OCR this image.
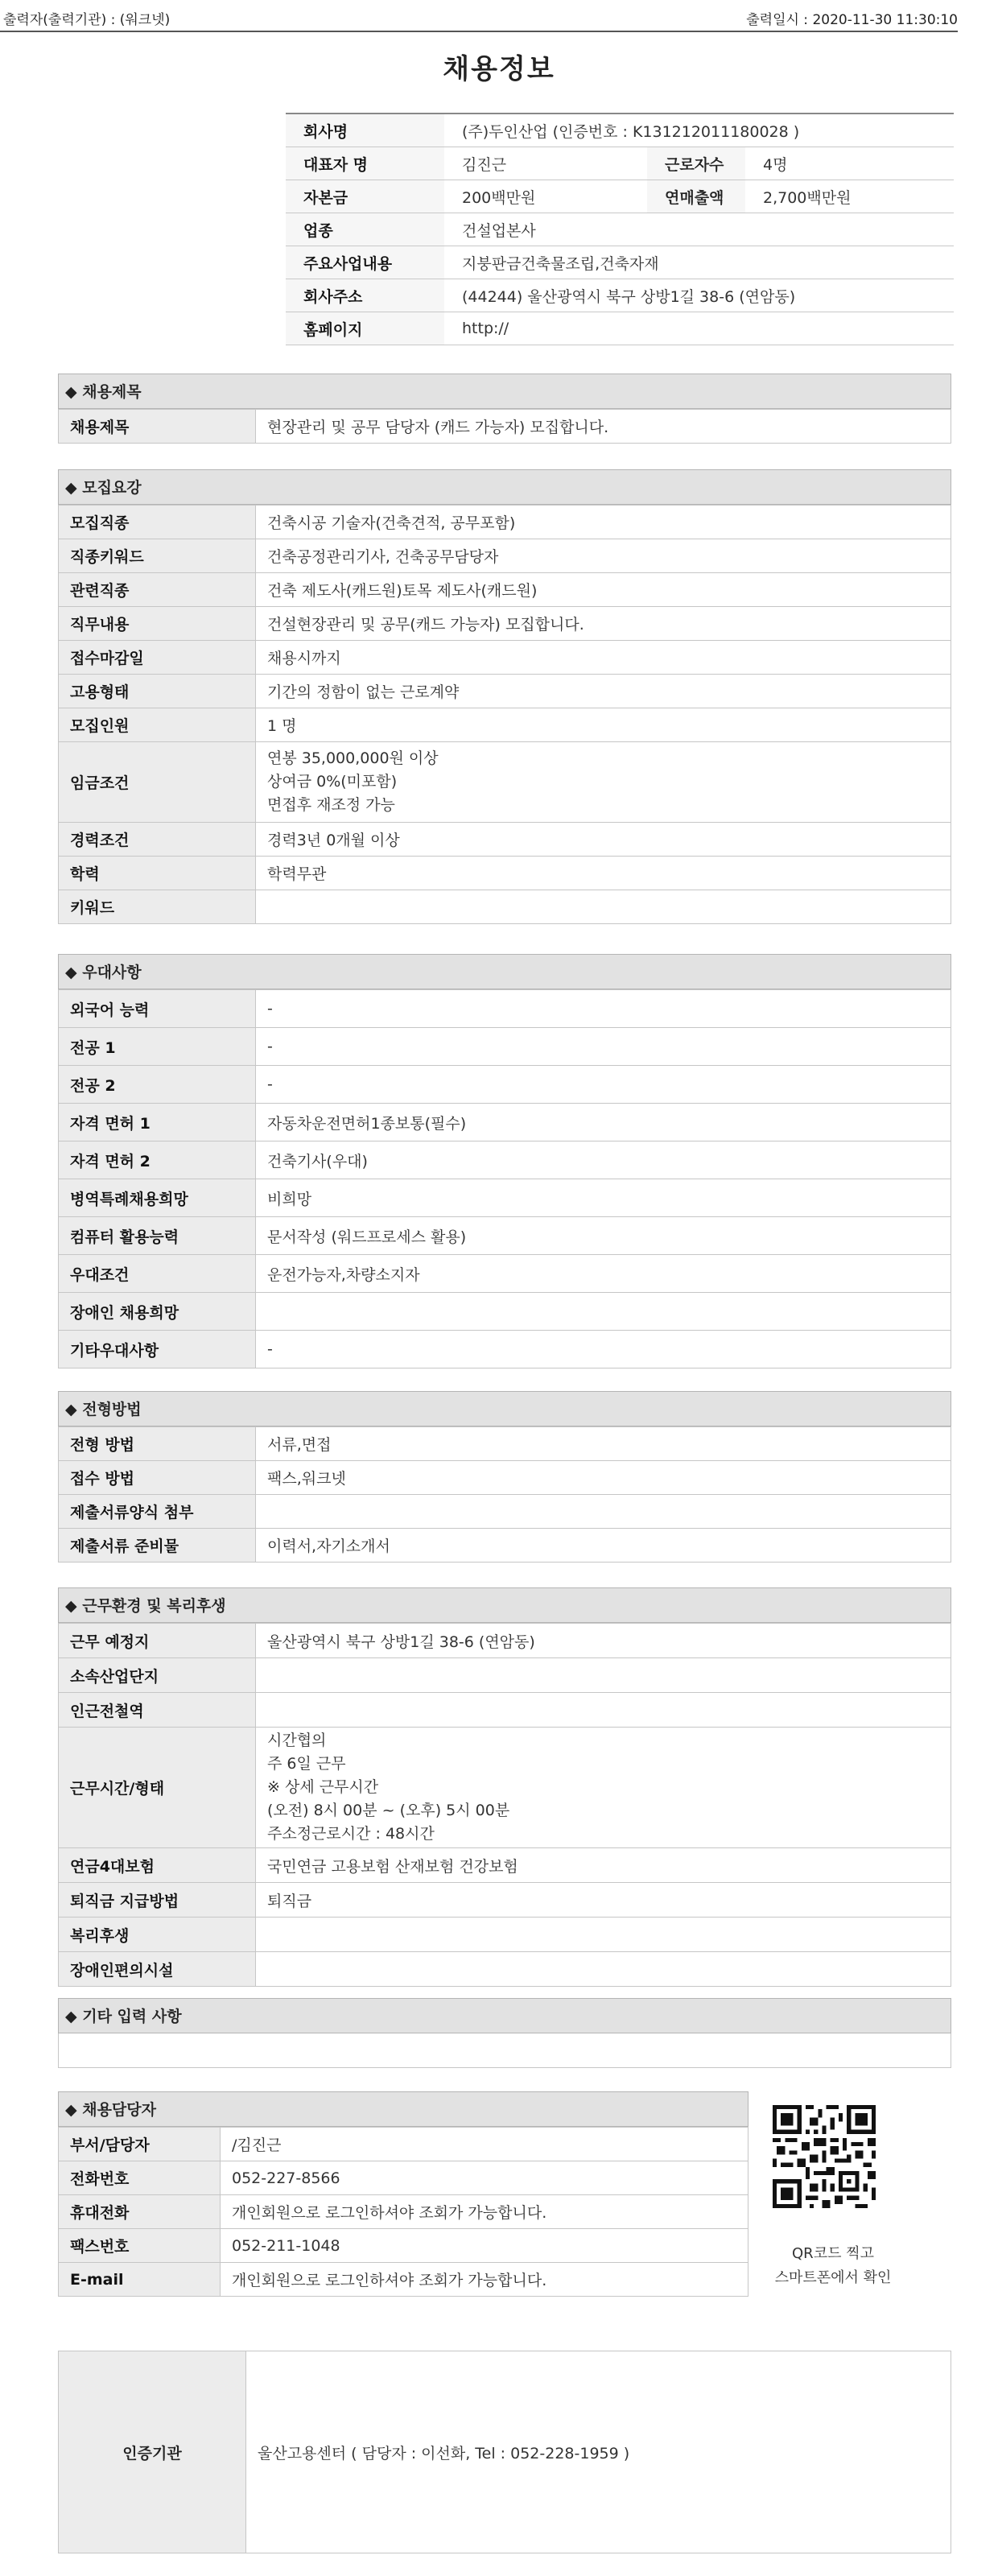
출력자(출력기관) : (워크넷)	출력일시 : 2020-11-30 11:30:10
채용정보
회사명	(주)두인산업 (인증번호 : K131212011180028 )		
대표자 명	김진근	근로자수	4명
자본금	200백만원	연매출액	2,700백만원
업종	건설업본사		
주요사업내용	지붕판금건축물조립,건축자재		
회사주소	(44244) 울산광역시 북구 상방1길 38-6 (연암동)		
홈페이지	http://		
◆ 채용제목
채용제목	현장관리 및 공무 담당자 (캐드 가능자) 모집합니다.
◆ 모집요강
모집직종	건축시공 기술자(건축견적, 공무포함)
직종키워드	건축공정관리기사, 건축공무담당자
관련직종	건축 제도사(캐드원)토목 제도사(캐드원)
직무내용	건설현장관리 및 공무(캐드 가능자) 모집합니다.
접수마감일	채용시까지
고용형태	기간의 정함이 없는 근로계약
모집인원	1 명
임금조건	연봉 35,000,000원 이상
상여금 0%(미포함)
면접후 재조정 가능

경력조건	경력3년 0개월 이상
학력	학력무관
키워드	
◆ 우대사항
외국어 능력	-
전공 1	-
전공 2	-
자격 면허 1	자동차운전면허1종보통(필수)
자격 면허 2	건축기사(우대)
병역특례채용희망	비희망
컴퓨터 활용능력	문서작성 (워드프로세스 활용)
우대조건	운전가능자,차량소지자
장애인 채용희망	
기타우대사항	-
◆ 전형방법
전형 방법	서류,면접
접수 방법	팩스,워크넷
제출서류양식 첨부	
제출서류 준비물	이력서,자기소개서
◆ 근무환경 및 복리후생
근무 예정지	울산광역시 북구 상방1길 38-6 (연암동)
소속산업단지	
인근전철역	
근무시간/형태	시간협의
주 6일 근무
※ 상세 근무시간
(오전) 8시 00분 ~ (오후) 5시 00분
주소정근로시간 : 48시간

연금4대보험	국민연금 고용보험 산재보험 건강보험
퇴직금 지급방법	퇴직금
복리후생	
장애인편의시설	
◆ 기타 입력 사항
◆ 채용담당자
부서/담당자	/김진근
전화번호	052-227-8566
휴대전화	개인회원으로 로그인하셔야 조회가 가능합니다.
팩스번호	052-211-1048
E-mail	개인회원으로 로그인하셔야 조회가 가능합니다.
QR코드 찍고
스마트폰에서 확인
인증기관	울산고용센터 ( 담당자 : 이선화, Tel : 052-228-1959 )
